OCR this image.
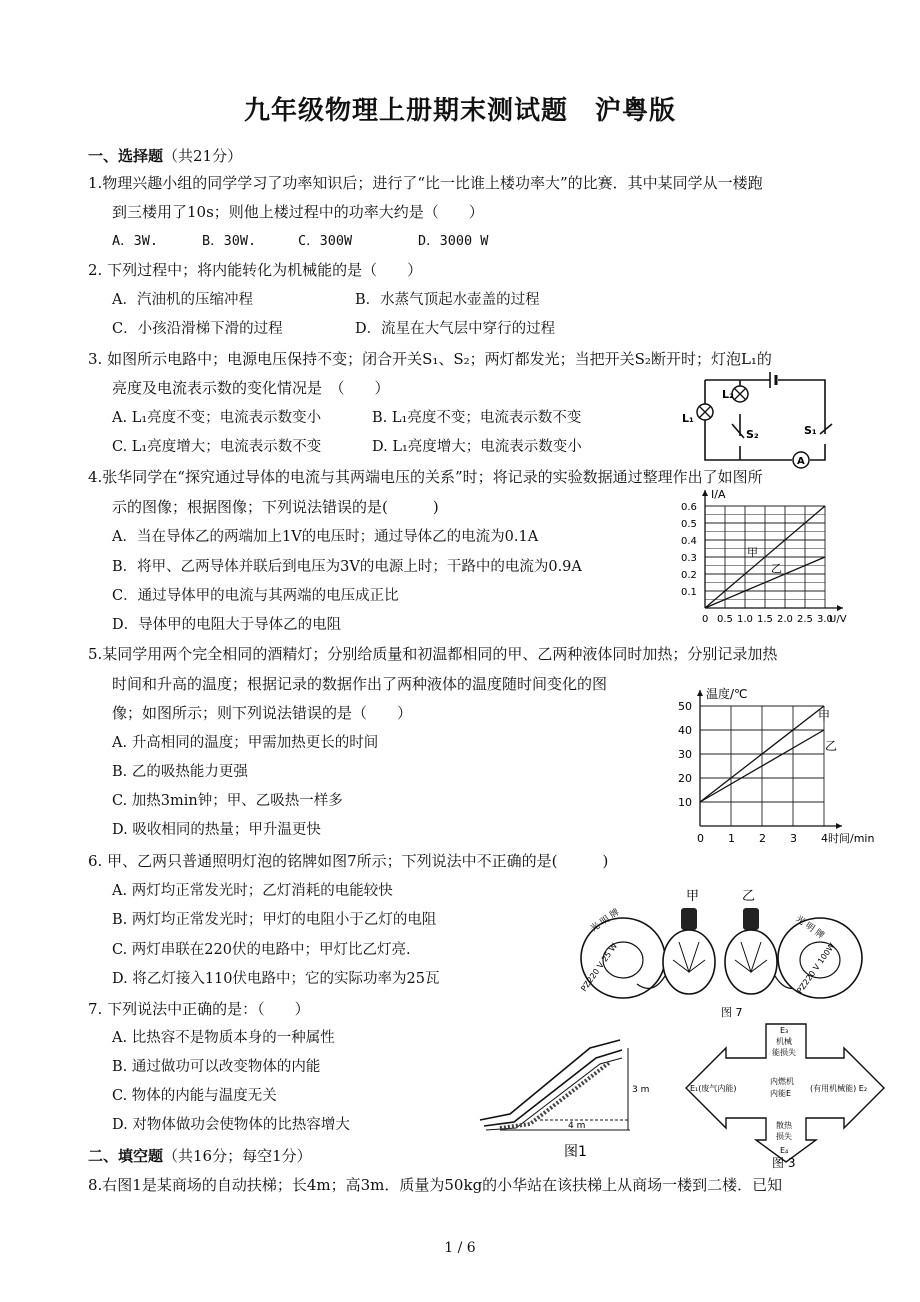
九年级物理上册期末测试题　沪粤版
一、选择题（共21分）
1.物理兴趣小组的同学学习了功率知识后；进行了“比一比谁上楼功率大”的比赛．其中某同学从一楼跑
到三楼用了10s；则他上楼过程中的功率大约是（　　）
A．3W.	B．30W.	C．300W	D．3000 W
2. 下列过程中；将内能转化为机械能的是（　　）
A．汽油机的压缩冲程	B．水蒸气顶起水壶盖的过程
C．小孩沿滑梯下滑的过程	D．流星在大气层中穿行的过程
3. 如图所示电路中；电源电压保持不变；闭合开关S₁、S₂；两灯都发光；当把开关S₂断开时；灯泡L₁的
亮度及电流表示数的变化情况是　（　　）
A. L₁亮度不变；电流表示数变小	B. L₁亮度不变；电流表示数不变
C. L₁亮度增大；电流表示数不变	D. L₁亮度增大；电流表示数变小
A
L₂
L₁
S₁
S₂
4.张华同学在“探究通过导体的电流与其两端电压的关系”时；将记录的实验数据通过整理作出了如图所
示的图像；根据图像；下列说法错误的是(　　　)
A．当在导体乙的两端加上1V的电压时；通过导体乙的电流为0.1A
B．将甲、乙两导体并联后到电压为3V的电源上时；干路中的电流为0.9A
C．通过导体甲的电流与其两端的电压成正比
D．导体甲的电阻大于导体乙的电阻	0 0.5 1.0 1.5 2.0 2.5 3.0
0.1
0.2
0.3
0.4
0.5
0.6
I/A
U/V
甲
乙
5.某同学用两个完全相同的酒精灯；分别给质量和初温都相同的甲、乙两种液体同时加热；分别记录加热
时间和升高的温度；根据记录的数据作出了两种液体的温度随时间变化的图
像；如图所示；则下列说法错误的是（　　）
A. 升高相同的温度；甲需加热更长的时间
B. 乙的吸热能力更强
C. 加热3min钟；甲、乙吸热一样多
D. 吸收相同的热量；甲升温更快
0 1 2 3 4
10
20
30
40
50
温度/℃
时间/min
甲
乙
6. 甲、乙两只普通照明灯泡的铭牌如图7所示；下列说法中不正确的是(　　　)
A. 两灯均正常发光时；乙灯消耗的电能较快
B. 两灯均正常发光时；甲灯的电阻小于乙灯的电阻
C. 两灯串联在220伏的电路中；甲灯比乙灯亮.
D. 将乙灯接入110伏电路中；它的实际功率为25瓦
甲	乙
光 明 牌
PZ220 V 25 W
光 明 牌
PZ220 V 100W
图 7
7. 下列说法中正确的是：（　　）
A. 比热容不是物质本身的一种属性
B. 通过做功可以改变物体的内能
C. 物体的内能与温度无关
D. 对物体做功会使物体的比热容增大
3 m
4 m
图1
E₃
机械
能损失
E₁(废气内能)
内燃机
内能E
(有用机械能) E₂
散热
损失
E₄
图 3
二、填空题（共16分；每空1分）
8.右图1是某商场的自动扶梯；长4m；高3m．质量为50kg的小华站在该扶梯上从商场一楼到二楼．已知
1 / 6
